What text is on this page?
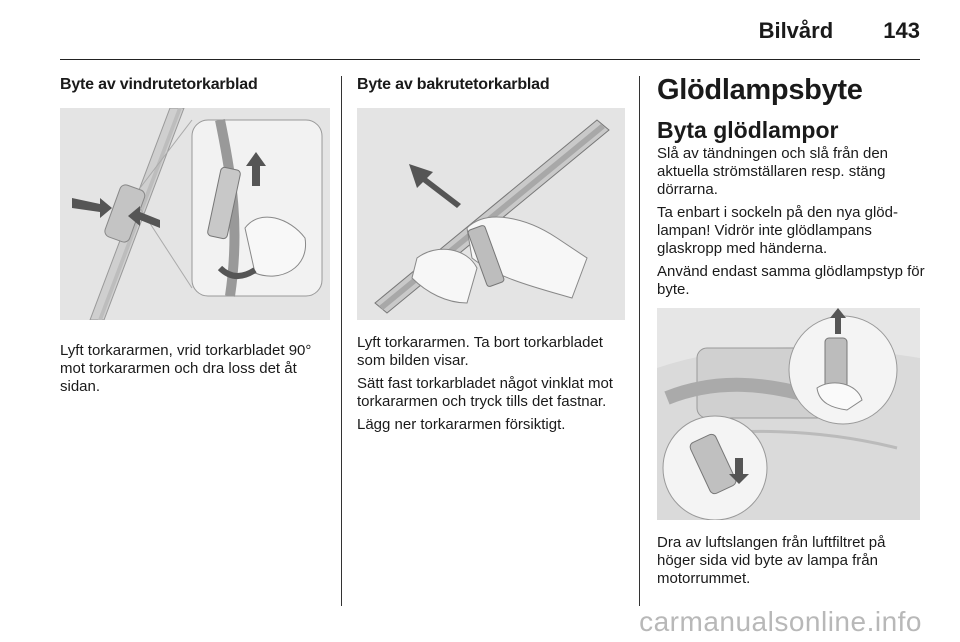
Bilvård 143
Byte av vindrutetorkarblad

Lyft torkararmen, vrid torkarbladet 90° mot torkararmen och dra loss det åt sidan.

Byte av bakrutetorkarblad

Lyft torkararmen. Ta bort torkarbladet som bilden visar.

Sätt fast torkarbladet något vinklat mot torkararmen och tryck tills det fastnar.

Lägg ner torkararmen försiktigt.

Glödlampsbyte
Byta glödlampor

Slå av tändningen och slå från den aktuella strömställaren resp. stäng dörrarna.

Ta enbart i sockeln på den nya glöd-lampan! Vidrör inte glödlampans glaskropp med händerna.

Använd endast samma glödlampstyp för byte.

Dra av luftslangen från luftfiltret på höger sida vid byte av lampa från motorrummet.

carmanualsonline.info
